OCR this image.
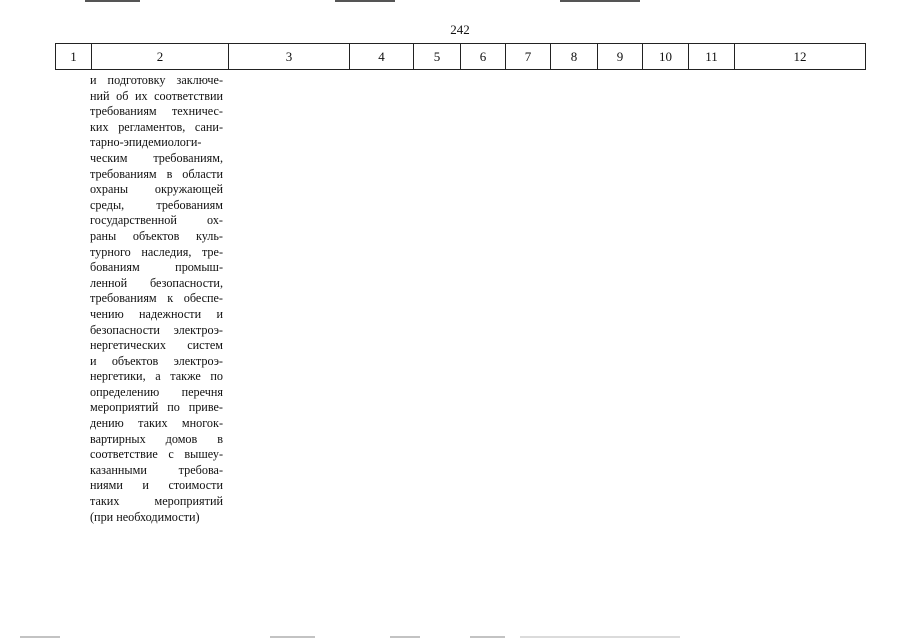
242
1	2	3	4	5	6	7	8	9	10	11	12
и подготовку заключе-
ний об их соответствии
требованиям техничес-
ких регламентов, сани-
тарно-эпидемиологи-
ческим требованиям,
требованиям в области
охраны окружающей
среды, требованиям
государственной ох-
раны объектов куль-
турного наследия, тре-
бованиям промыш-
ленной безопасности,
требованиям к обеспе-
чению надежности и
безопасности электроэ-
нергетических систем
и объектов электроэ-
нергетики, а также по
определению перечня
мероприятий по приве-
дению таких многок-
вартирных домов в
соответствие с вышеу-
казанными требова-
ниями и стоимости
таких мероприятий
(при необходимости)
